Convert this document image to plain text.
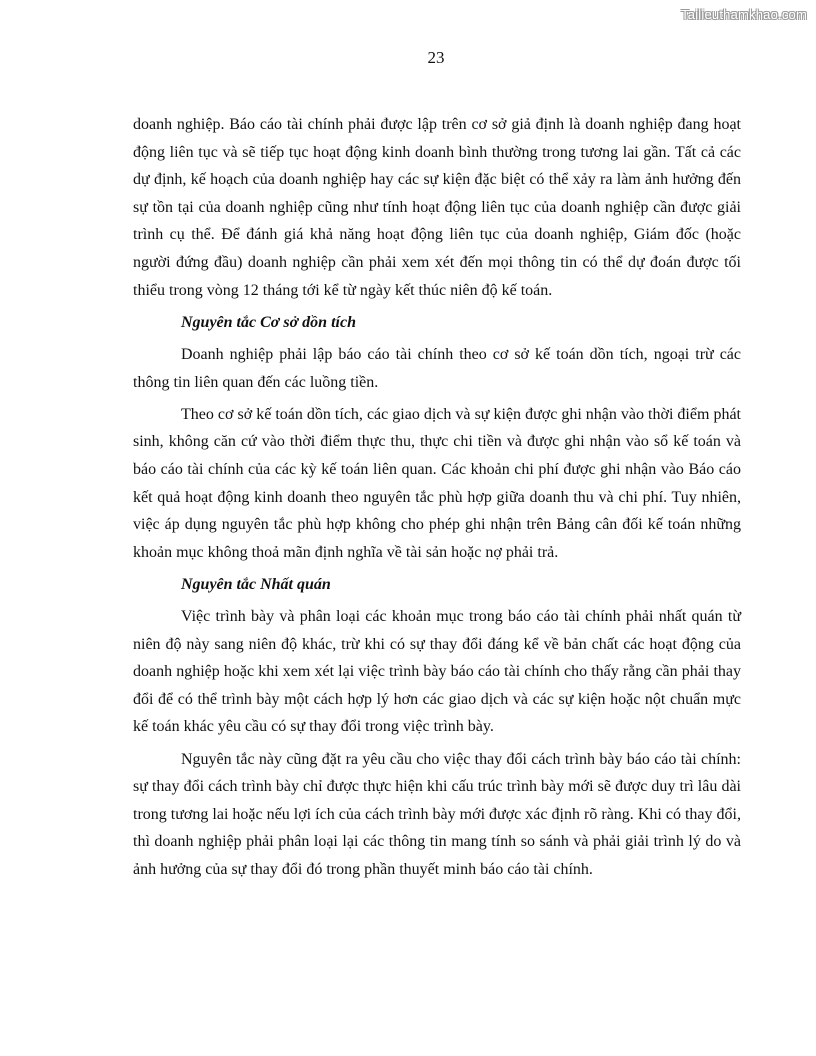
Tailieuthamkhao.com
23

doanh nghiệp. Báo cáo tài chính phải được lập trên cơ sở giả định là doanh nghiệp đang hoạt động liên tục và sẽ tiếp tục hoạt động kinh doanh bình thường trong tương lai gần. Tất cả các dự định, kế hoạch của doanh nghiệp hay các sự kiện đặc biệt có thể xảy ra làm ảnh hưởng đến sự tồn tại của doanh nghiệp cũng như tính hoạt động liên tục của doanh nghiệp cần được giải trình cụ thể. Để đánh giá khả năng hoạt động liên tục của doanh nghiệp, Giám đốc (hoặc người đứng đầu) doanh nghiệp cần phải xem xét đến mọi thông tin có thể dự đoán được tối thiểu trong vòng 12 tháng tới kể từ ngày kết thúc niên độ kế toán.

Nguyên tắc Cơ sở dồn tích

Doanh nghiệp phải lập báo cáo tài chính theo cơ sở kế toán dồn tích, ngoại trừ các thông tin liên quan đến các luồng tiền.

Theo cơ sở kế toán dồn tích, các giao dịch và sự kiện được ghi nhận vào thời điểm phát sinh, không căn cứ vào thời điểm thực thu, thực chi tiền và được ghi nhận vào sổ kế toán và báo cáo tài chính của các kỳ kế toán liên quan. Các khoản chi phí được ghi nhận vào Báo cáo kết quả hoạt động kinh doanh theo nguyên tắc phù hợp giữa doanh thu và chi phí. Tuy nhiên, việc áp dụng nguyên tắc phù hợp không cho phép ghi nhận trên Bảng cân đối kế toán những khoản mục không thoả mãn định nghĩa về tài sản hoặc nợ phải trả.

Nguyên tắc Nhất quán

Việc trình bày và phân loại các khoản mục trong báo cáo tài chính phải nhất quán từ niên độ này sang niên độ khác, trừ khi có sự thay đổi đáng kể về bản chất các hoạt động của doanh nghiệp hoặc khi xem xét lại việc trình bày báo cáo tài chính cho thấy rằng cần phải thay đổi để có thể trình bày một cách hợp lý hơn các giao dịch và các sự kiện hoặc nột chuẩn mực kế toán khác yêu cầu có sự thay đổi trong việc trình bày.

Nguyên tắc này cũng đặt ra yêu cầu cho việc thay đổi cách trình bày báo cáo tài chính: sự thay đổi cách trình bày chỉ được thực hiện khi cấu trúc trình bày mới sẽ được duy trì lâu dài trong tương lai hoặc nếu lợi ích của cách trình bày mới được xác định rõ ràng. Khi có thay đổi, thì doanh nghiệp phải phân loại lại các thông tin mang tính so sánh và phải giải trình lý do và ảnh hưởng của sự thay đổi đó trong phần thuyết minh báo cáo tài chính.
